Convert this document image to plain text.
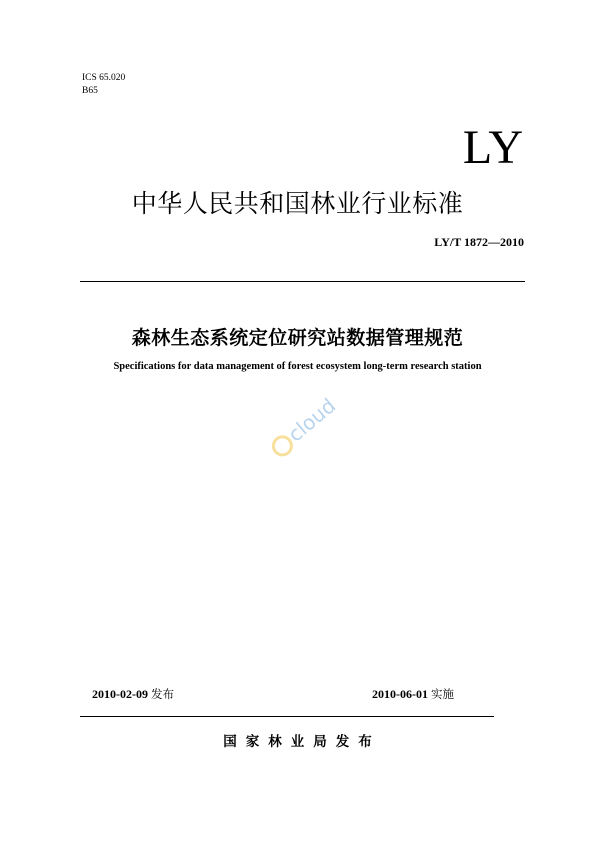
ICS 65.020
B65
LY
中华人民共和国林业行业标准
LY/T 1872—2010
森林生态系统定位研究站数据管理规范
Specifications for data management of forest ecosystem long-term research station
cloud
2010-02-09 发布	2010-06-01 实施
国家林业局发布
